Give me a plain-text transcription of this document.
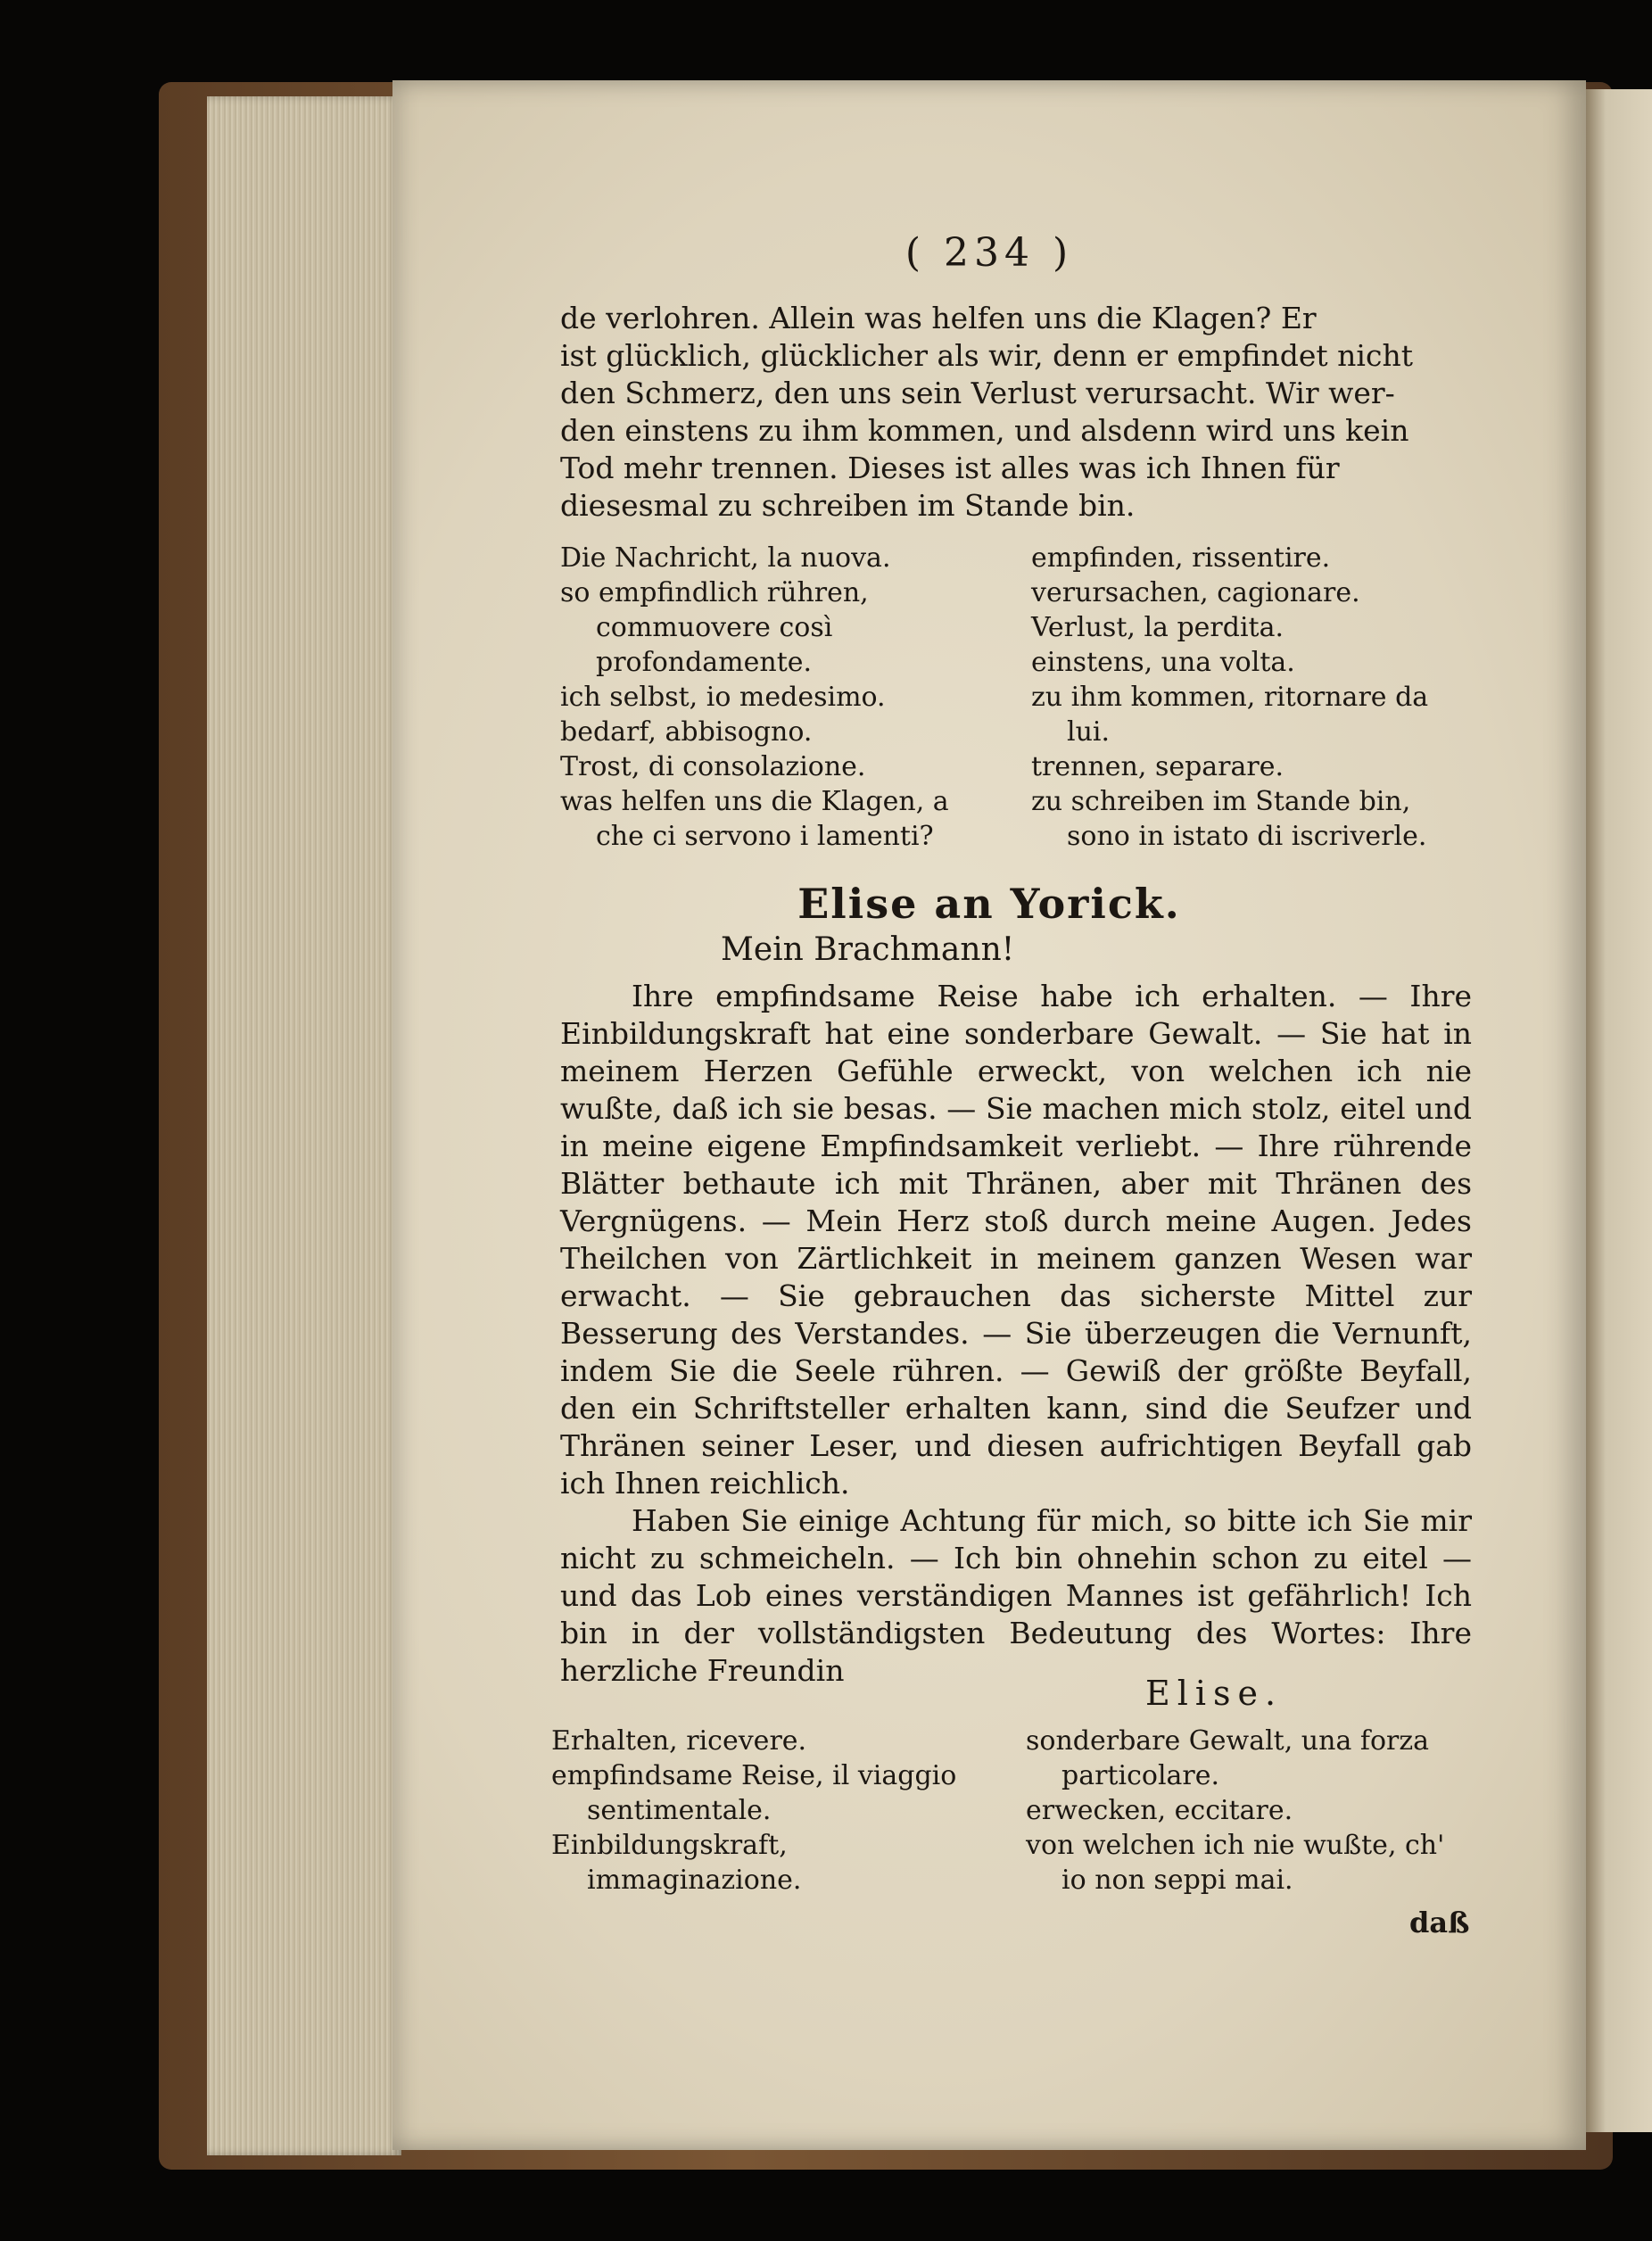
( 234 )
de verlohren. Allein was helfen uns die Klagen? Er
ist glücklich, glücklicher als wir, denn er empfindet nicht
den Schmerz, den uns sein Verlust verursacht. Wir wer-
den einstens zu ihm kommen, und alsdenn wird uns kein
Tod mehr trennen. Dieses ist alles was ich Ihnen für
diesesmal zu schreiben im Stande bin.
Die Nachricht, la nuova.
so empfindlich rühren, commuovere così profondamente.
ich selbst, io medesimo.
bedarf, abbisogno.
Trost, di consolazione.
was helfen uns die Klagen, a che ci servono i lamenti?
empfinden, rissentire.
verursachen, cagionare.
Verlust, la perdita.
einstens, una volta.
zu ihm kommen, ritornare da lui.
trennen, separare.
zu schreiben im Stande bin, sono in istato di iscriverle.
Elise an Yorick.
Mein Brachmann!

Ihre empfindsame Reise habe ich erhalten. — Ihre Einbildungskraft hat eine sonderbare Gewalt. — Sie hat in meinem Herzen Gefühle erweckt, von welchen ich nie wußte, daß ich sie besas. — Sie machen mich stolz, eitel und in meine eigene Empfindsamkeit verliebt. — Ihre rührende Blätter bethaute ich mit Thränen, aber mit Thränen des Vergnügens. — Mein Herz stoß durch meine Augen. Jedes Theilchen von Zärtlichkeit in meinem ganzen Wesen war erwacht. — Sie gebrauchen das sicherste Mittel zur Besserung des Verstandes. — Sie überzeugen die Vernunft, indem Sie die Seele rühren. — Gewiß der größte Beyfall, den ein Schriftsteller erhalten kann, sind die Seufzer und Thränen seiner Leser, und diesen aufrichtigen Beyfall gab ich Ihnen reichlich.

Haben Sie einige Achtung für mich, so bitte ich Sie mir nicht zu schmeicheln. — Ich bin ohnehin schon zu eitel — und das Lob eines verständigen Mannes ist gefährlich! Ich bin in der vollständigsten Bedeutung des Wortes: Ihre herzliche Freundin

Elise.
Erhalten, ricevere.
empfindsame Reise, il viaggio sentimentale.
Einbildungskraft, immaginazione.
sonderbare Gewalt, una forza particolare.
erwecken, eccitare.
von welchen ich nie wußte, ch' io non seppi mai.
daß
